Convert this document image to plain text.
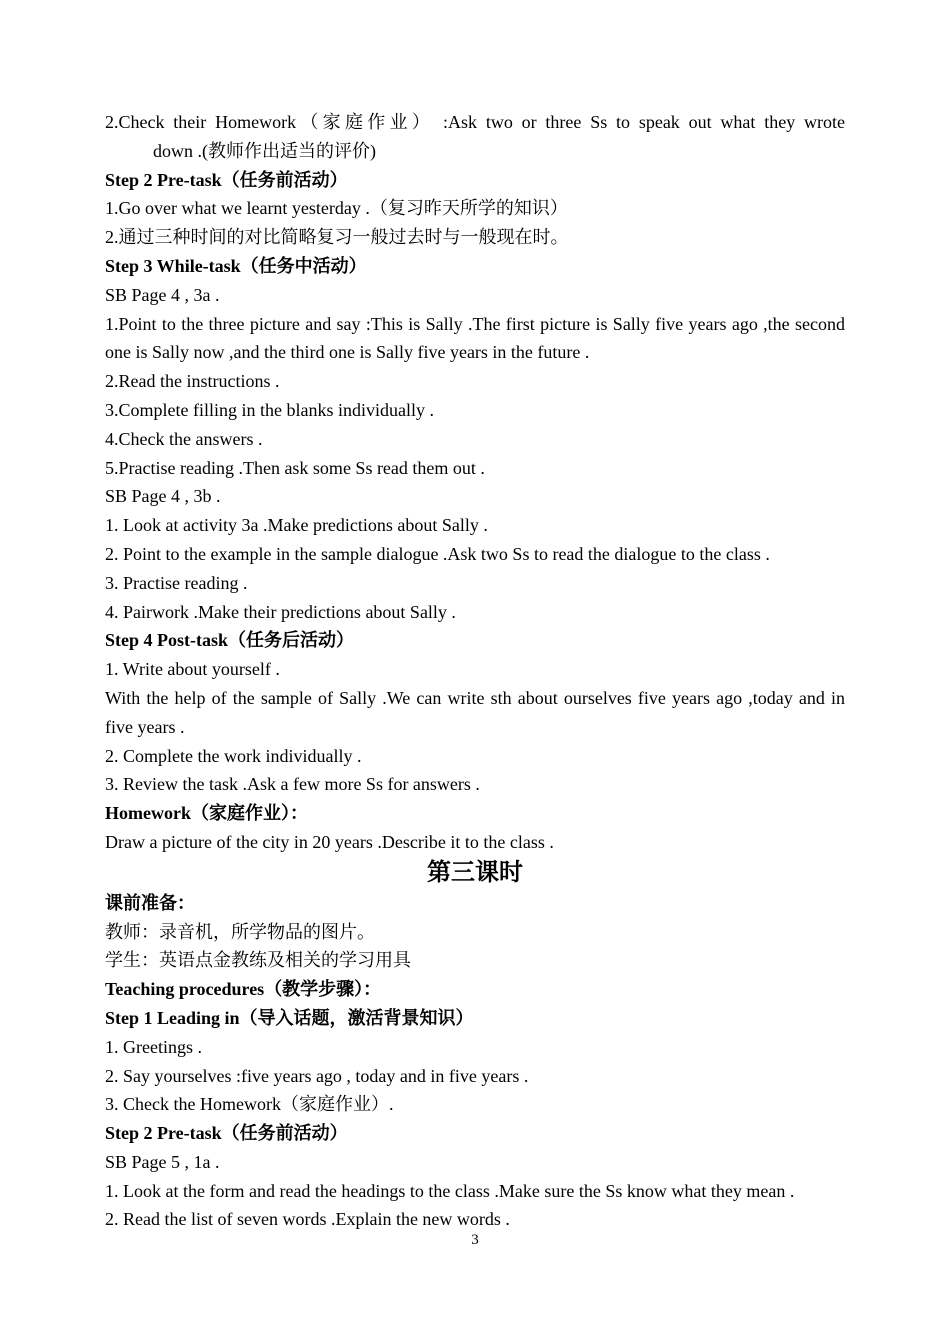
2.Check their Homework（家庭作业） :Ask two or three Ss to speak out what they wrote
down .(教师作出适当的评价)
Step 2 Pre-task（任务前活动）
1.Go over what we learnt yesterday .（复习昨天所学的知识）
2.通过三种时间的对比简略复习一般过去时与一般现在时。
Step 3 While-task（任务中活动）
SB Page 4 , 3a .
1.Point to the three picture and say :This is Sally .The first picture is Sally five years ago ,the second one is Sally now ,and the third one is Sally five years in the future .
2.Read the instructions .
3.Complete filling in the blanks individually .
4.Check the answers .
5.Practise reading .Then ask some Ss read them out .
SB Page 4 , 3b .
1. Look at activity 3a .Make predictions about Sally .
2. Point to the example in the sample dialogue .Ask two Ss to read the dialogue to the class .
3. Practise reading .
4. Pairwork .Make their predictions about Sally .
Step 4 Post-task（任务后活动）
1. Write about yourself .
With the help of the sample of Sally .We can write sth about ourselves five years ago ,today and in five years .
2. Complete the work individually .
3. Review the task .Ask a few more Ss for answers .
Homework（家庭作业）：
Draw a picture of the city in 20 years .Describe it to the class .
第三课时
课前准备：
教师：录音机，所学物品的图片。
学生：英语点金教练及相关的学习用具
Teaching procedures（教学步骤）：
Step 1 Leading in（导入话题，激活背景知识）
1. Greetings .
2. Say yourselves :five years ago , today and in five years .
3. Check the Homework（家庭作业）.
Step 2 Pre-task（任务前活动）
SB Page 5 , 1a .
1. Look at the form and read the headings to the class .Make sure the Ss know what they mean .
2. Read the list of seven words .Explain the new words .
3
